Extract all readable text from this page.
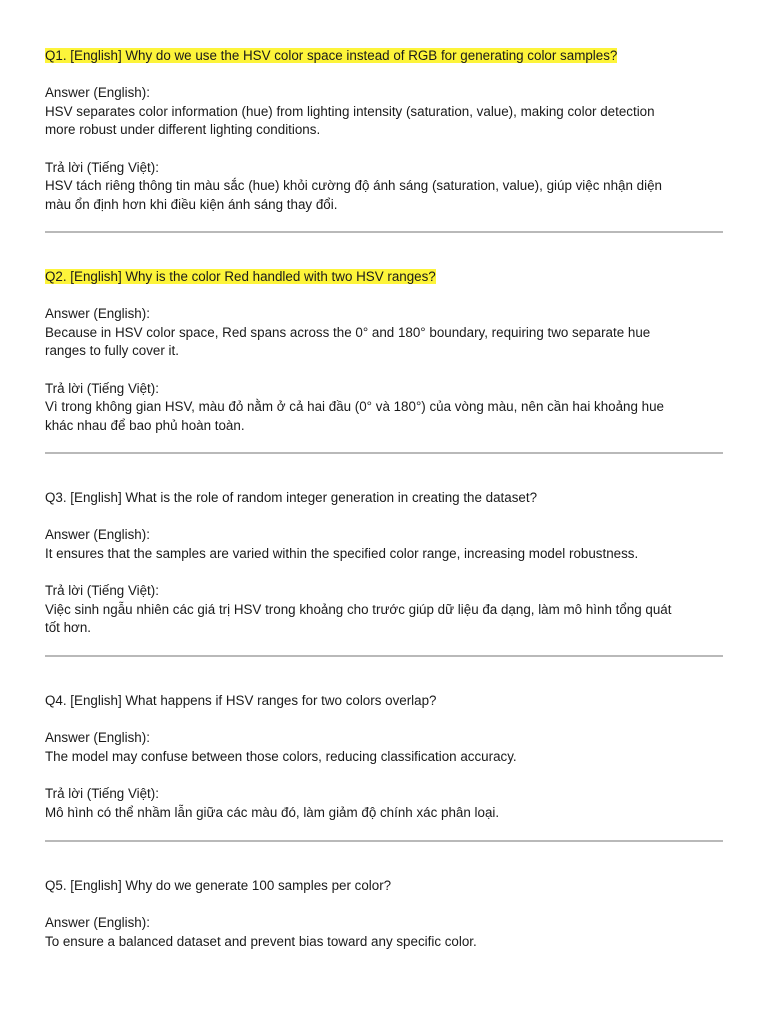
Q1. [English] Why do we use the HSV color space instead of RGB for generating color samples?
Answer (English):
HSV separates color information (hue) from lighting intensity (saturation, value), making color detection
more robust under different lighting conditions.
Trả lời (Tiếng Việt):
HSV tách riêng thông tin màu sắc (hue) khỏi cường độ ánh sáng (saturation, value), giúp việc nhận diện
màu ổn định hơn khi điều kiện ánh sáng thay đổi.
Q2. [English] Why is the color Red handled with two HSV ranges?
Answer (English):
Because in HSV color space, Red spans across the 0° and 180° boundary, requiring two separate hue
ranges to fully cover it.
Trả lời (Tiếng Việt):
Vì trong không gian HSV, màu đỏ nằm ở cả hai đầu (0° và 180°) của vòng màu, nên cần hai khoảng hue
khác nhau để bao phủ hoàn toàn.
Q3. [English] What is the role of random integer generation in creating the dataset?
Answer (English):
It ensures that the samples are varied within the specified color range, increasing model robustness.
Trả lời (Tiếng Việt):
Việc sinh ngẫu nhiên các giá trị HSV trong khoảng cho trước giúp dữ liệu đa dạng, làm mô hình tổng quát
tốt hơn.
Q4. [English] What happens if HSV ranges for two colors overlap?
Answer (English):
The model may confuse between those colors, reducing classification accuracy.
Trả lời (Tiếng Việt):
Mô hình có thể nhầm lẫn giữa các màu đó, làm giảm độ chính xác phân loại.
Q5. [English] Why do we generate 100 samples per color?
Answer (English):
To ensure a balanced dataset and prevent bias toward any specific color.
